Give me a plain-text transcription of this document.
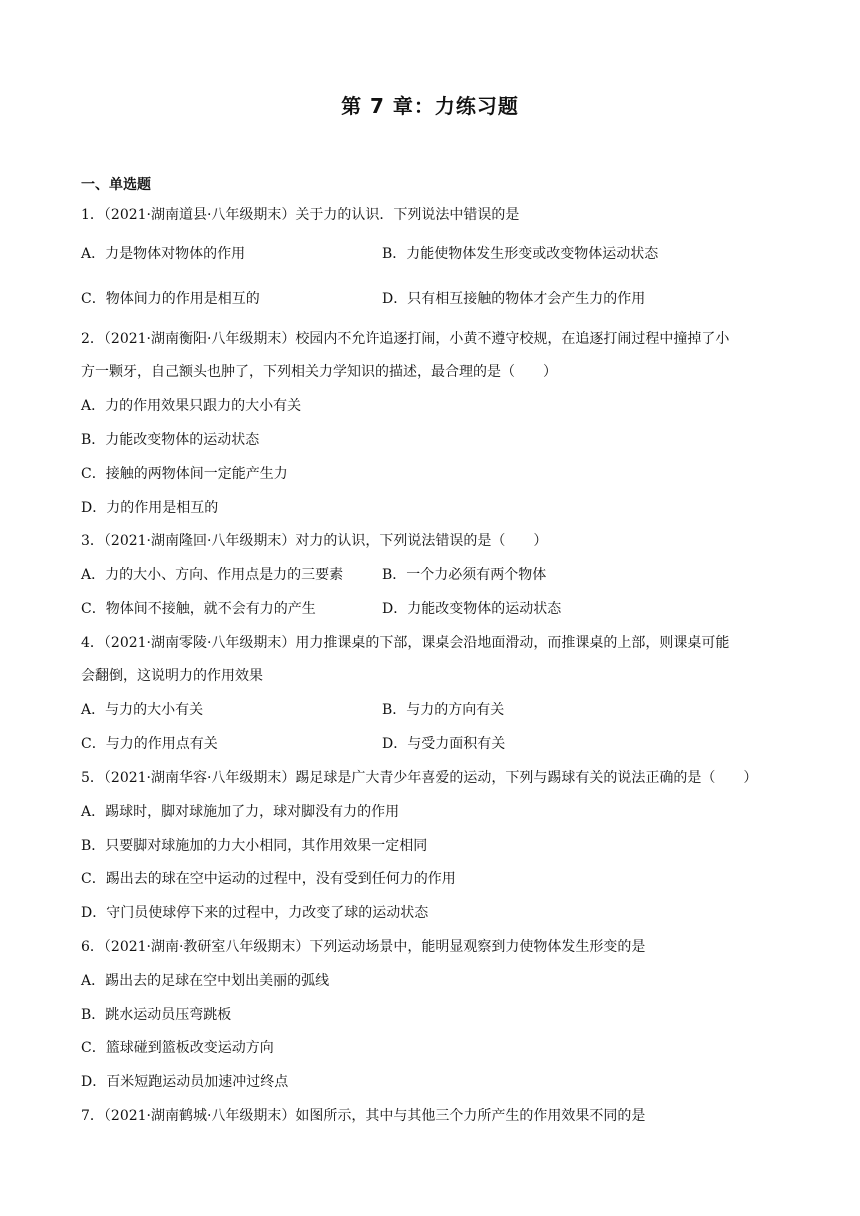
第 7 章：力练习题
一、单选题
1．（2021·湖南道县·八年级期末）关于力的认识．下列说法中错误的是
A．力是物体对物体的作用	B．力能使物体发生形变或改变物体运动状态
C．物体间力的作用是相互的	D．只有相互接触的物体才会产生力的作用
2．（2021·湖南衡阳·八年级期末）校园内不允许追逐打闹，小黄不遵守校规，在追逐打闹过程中撞掉了小
方一颗牙，自己额头也肿了，下列相关力学知识的描述，最合理的是（　　）
A．力的作用效果只跟力的大小有关
B．力能改变物体的运动状态
C．接触的两物体间一定能产生力
D．力的作用是相互的
3．（2021·湖南隆回·八年级期末）对力的认识，下列说法错误的是（　　）
A．力的大小、方向、作用点是力的三要素	B．一个力必须有两个物体
C．物体间不接触，就不会有力的产生	D．力能改变物体的运动状态
4．（2021·湖南零陵·八年级期末）用力推课桌的下部，课桌会沿地面滑动，而推课桌的上部，则课桌可能
会翻倒，这说明力的作用效果
A．与力的大小有关	B．与力的方向有关
C．与力的作用点有关	D．与受力面积有关
5．（2021·湖南华容·八年级期末）踢足球是广大青少年喜爱的运动，下列与踢球有关的说法正确的是（　　）
A．踢球时，脚对球施加了力，球对脚没有力的作用
B．只要脚对球施加的力大小相同，其作用效果一定相同
C．踢出去的球在空中运动的过程中，没有受到任何力的作用
D．守门员使球停下来的过程中，力改变了球的运动状态
6．（2021·湖南·教研室八年级期末）下列运动场景中，能明显观察到力使物体发生形变的是
A．踢出去的足球在空中划出美丽的弧线
B．跳水运动员压弯跳板
C．篮球碰到篮板改变运动方向
D．百米短跑运动员加速冲过终点
7．（2021·湖南鹤城·八年级期末）如图所示，其中与其他三个力所产生的作用效果不同的是
